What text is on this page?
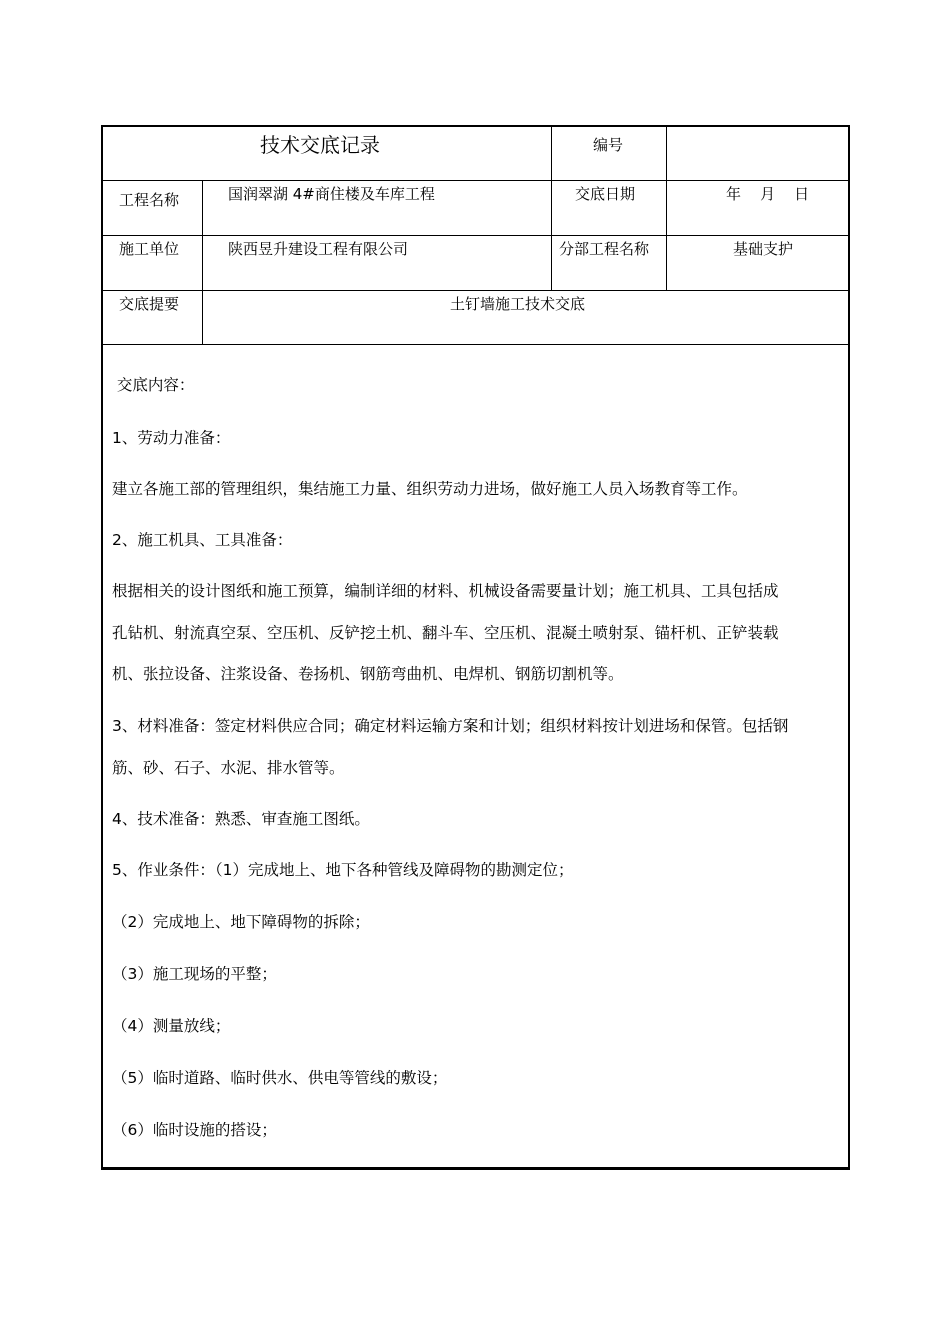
技术交底记录	编号
工程名称	国润翠湖 4#商住楼及车库工程	交底日期	年    月    日
施工单位	陕西昱升建设工程有限公司	分部工程名称	基础支护
交底提要	土钉墙施工技术交底
交底内容：
1、劳动力准备：
建立各施工部的管理组织，集结施工力量、组织劳动力进场，做好施工人员入场教育等工作。
2、施工机具、工具准备：
根据相关的设计图纸和施工预算，编制详细的材料、机械设备需要量计划；施工机具、工具包括成
孔钻机、射流真空泵、空压机、反铲挖土机、翻斗车、空压机、混凝土喷射泵、锚杆机、正铲装载
机、张拉设备、注浆设备、卷扬机、钢筋弯曲机、电焊机、钢筋切割机等。
3、材料准备：签定材料供应合同；确定材料运输方案和计划；组织材料按计划进场和保管。包括钢
筋、砂、石子、水泥、排水管等。
4、技术准备：熟悉、审查施工图纸。
5、作业条件：（1）完成地上、地下各种管线及障碍物的勘测定位；
（2）完成地上、地下障碍物的拆除；
（3）施工现场的平整；
（4）测量放线；
（5）临时道路、临时供水、供电等管线的敷设；
（6）临时设施的搭设；
